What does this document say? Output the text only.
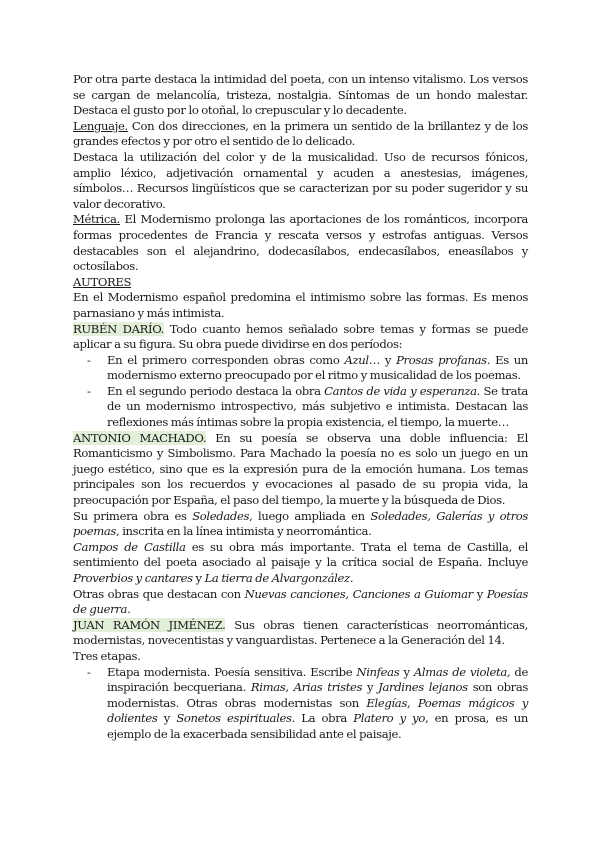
Por otra parte destaca la intimidad del poeta, con un intenso vitalismo. Los versos se cargan de melancolía, tristeza, nostalgia. Síntomas de un hondo malestar. Destaca el gusto por lo otoñal, lo crepuscular y lo decadente.

Lenguaje. Con dos direcciones, en la primera un sentido de la brillantez y de los grandes efectos y por otro el sentido de lo delicado.

Destaca la utilización del color y de la musicalidad. Uso de recursos fónicos, amplio léxico, adjetivación ornamental y acuden a anestesias, imágenes, símbolos… Recursos lingüísticos que se caracterizan por su poder sugeridor y su valor decorativo.

Métrica. El Modernismo prolonga las aportaciones de los románticos, incorpora formas procedentes de Francia y rescata versos y estrofas antiguas. Versos destacables son el alejandrino, dodecasílabos, endecasílabos, eneasílabos y octosílabos.

AUTORES

En el Modernismo español predomina el intimismo sobre las formas. Es menos parnasiano y más intimista.

RUBÉN DARÍO. Todo cuanto hemos señalado sobre temas y formas se puede aplicar a su figura. Su obra puede dividirse en dos períodos:

- En el primero corresponden obras como Azul… y Prosas profanas. Es un modernismo externo preocupado por el ritmo y musicalidad de los poemas.
- En el segundo periodo destaca la obra Cantos de vida y esperanza. Se trata de un modernismo introspectivo, más subjetivo e intimista. Destacan las reflexiones más íntimas sobre la propia existencia, el tiempo, la muerte…

ANTONIO MACHADO. En su poesía se observa una doble influencia: El Romanticismo y Simbolismo. Para Machado la poesía no es solo un juego en un juego estético, sino que es la expresión pura de la emoción humana. Los temas principales son los recuerdos y evocaciones al pasado de su propia vida, la preocupación por España, el paso del tiempo, la muerte y la búsqueda de Dios.

Su primera obra es Soledades, luego ampliada en Soledades, Galerías y otros poemas, inscrita en la línea intimista y neorromántica.

Campos de Castilla es su obra más importante. Trata el tema de Castilla, el sentimiento del poeta asociado al paisaje y la crítica social de España. Incluye Proverbios y cantares y La tierra de Alvargonzález.

Otras obras que destacan con Nuevas canciones, Canciones a Guiomar y Poesías de guerra.

JUAN RAMÓN JIMÉNEZ. Sus obras tienen características neorrománticas, modernistas, novecentistas y vanguardistas. Pertenece a la Generación del 14.

Tres etapas.

- Etapa modernista. Poesía sensitiva. Escribe Ninfeas y Almas de violeta, de inspiración becqueriana. Rimas, Arias tristes y Jardines lejanos son obras modernistas. Otras obras modernistas son Elegías, Poemas mágicos y dolientes y Sonetos espirituales. La obra Platero y yo, en prosa, es un ejemplo de la exacerbada sensibilidad ante el paisaje.
